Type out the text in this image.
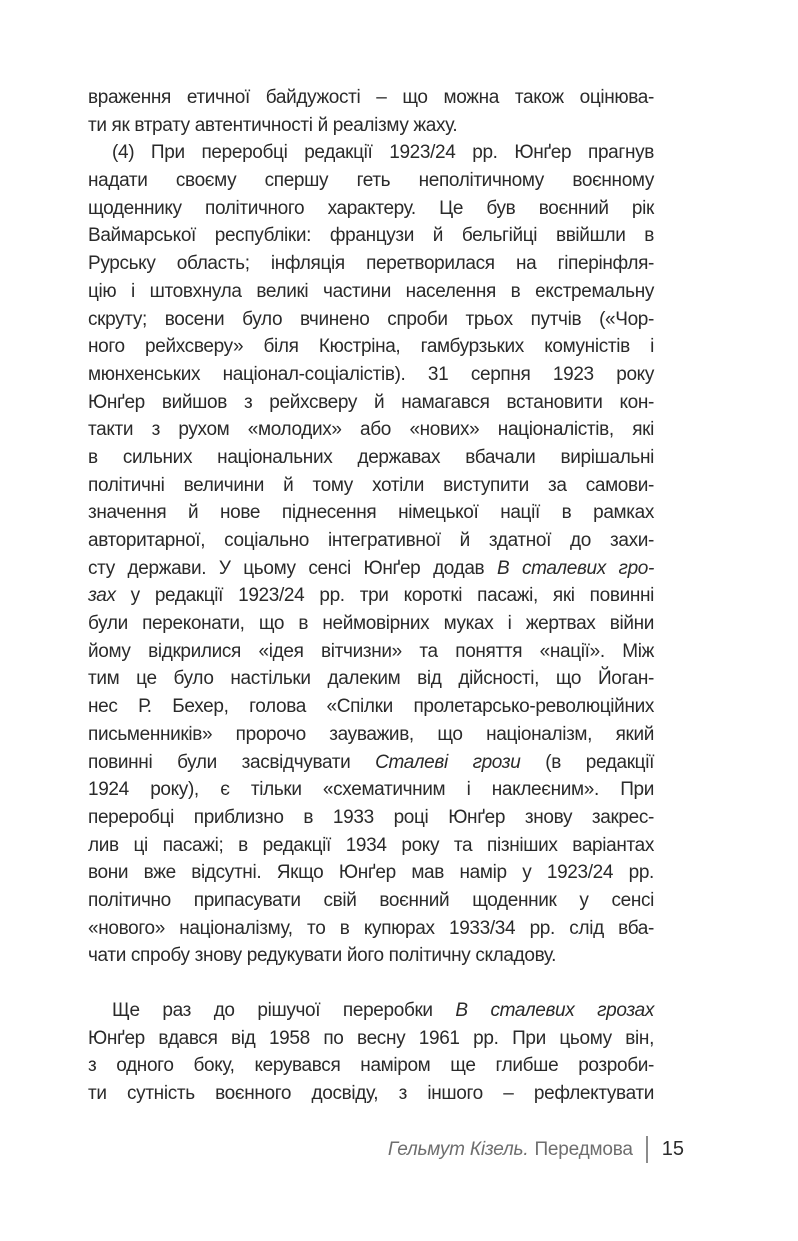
враження етичної байдужості – що можна також оцінюва-
ти як втрату автентичності й реалізму жаху.
(4) При переробці редакції 1923/24 рр. Юнґер прагнув
надати своєму спершу геть неполітичному воєнному
щоденнику політичного характеру. Це був воєнний рік
Ваймарської республіки: французи й бельгійці ввійшли в
Рурську область; інфляція перетворилася на гіперінфля-
цію і штовхнула великі частини населення в екстремальну
скруту; восени було вчинено спроби трьох путчів («Чор-
ного рейхсверу» біля Кюстріна, гамбурзьких комуністів і
мюнхенських націонал-соціалістів). 31 серпня 1923 року
Юнґер вийшов з рейхсверу й намагався встановити кон-
такти з рухом «молодих» або «нових» націоналістів, які
в сильних національних державах вбачали вирішальні
політичні величини й тому хотіли виступити за самови-
значення й нове піднесення німецької нації в рамках
авторитарної, соціально інтегративної й здатної до захи-
сту держави. У цьому сенсі Юнґер додав В сталевих гро-
зах у редакції 1923/24 рр. три короткі пасажі, які повинні
були переконати, що в неймовірних муках і жертвах війни
йому відкрилися «ідея вітчизни» та поняття «нації». Між
тим це було настільки далеким від дійсності, що Йоган-
нес Р. Бехер, голова «Спілки пролетарсько-революційних
письменників» пророчо зауважив, що націоналізм, який
повинні були засвідчувати Сталеві грози (в редакції
1924 року), є тільки «схематичним і наклеєним». При
переробці приблизно в 1933 році Юнґер знову закрес-
лив ці пасажі; в редакції 1934 року та пізніших варіантах
вони вже відсутні. Якщо Юнґер мав намір у 1923/24 рр.
політично припасувати свій воєнний щоденник у сенсі
«нового» націоналізму, то в купюрах 1933/34 рр. слід вба-
чати спробу знову редукувати його політичну складову.
Ще раз до рішучої переробки В сталевих грозах
Юнґер вдався від 1958 по весну 1961 рр. При цьому він,
з одного боку, керувався наміром ще глибше розроби-
ти сутність воєнного досвіду, з іншого – рефлектувати
Гельмут Кізель. Передмова 15
